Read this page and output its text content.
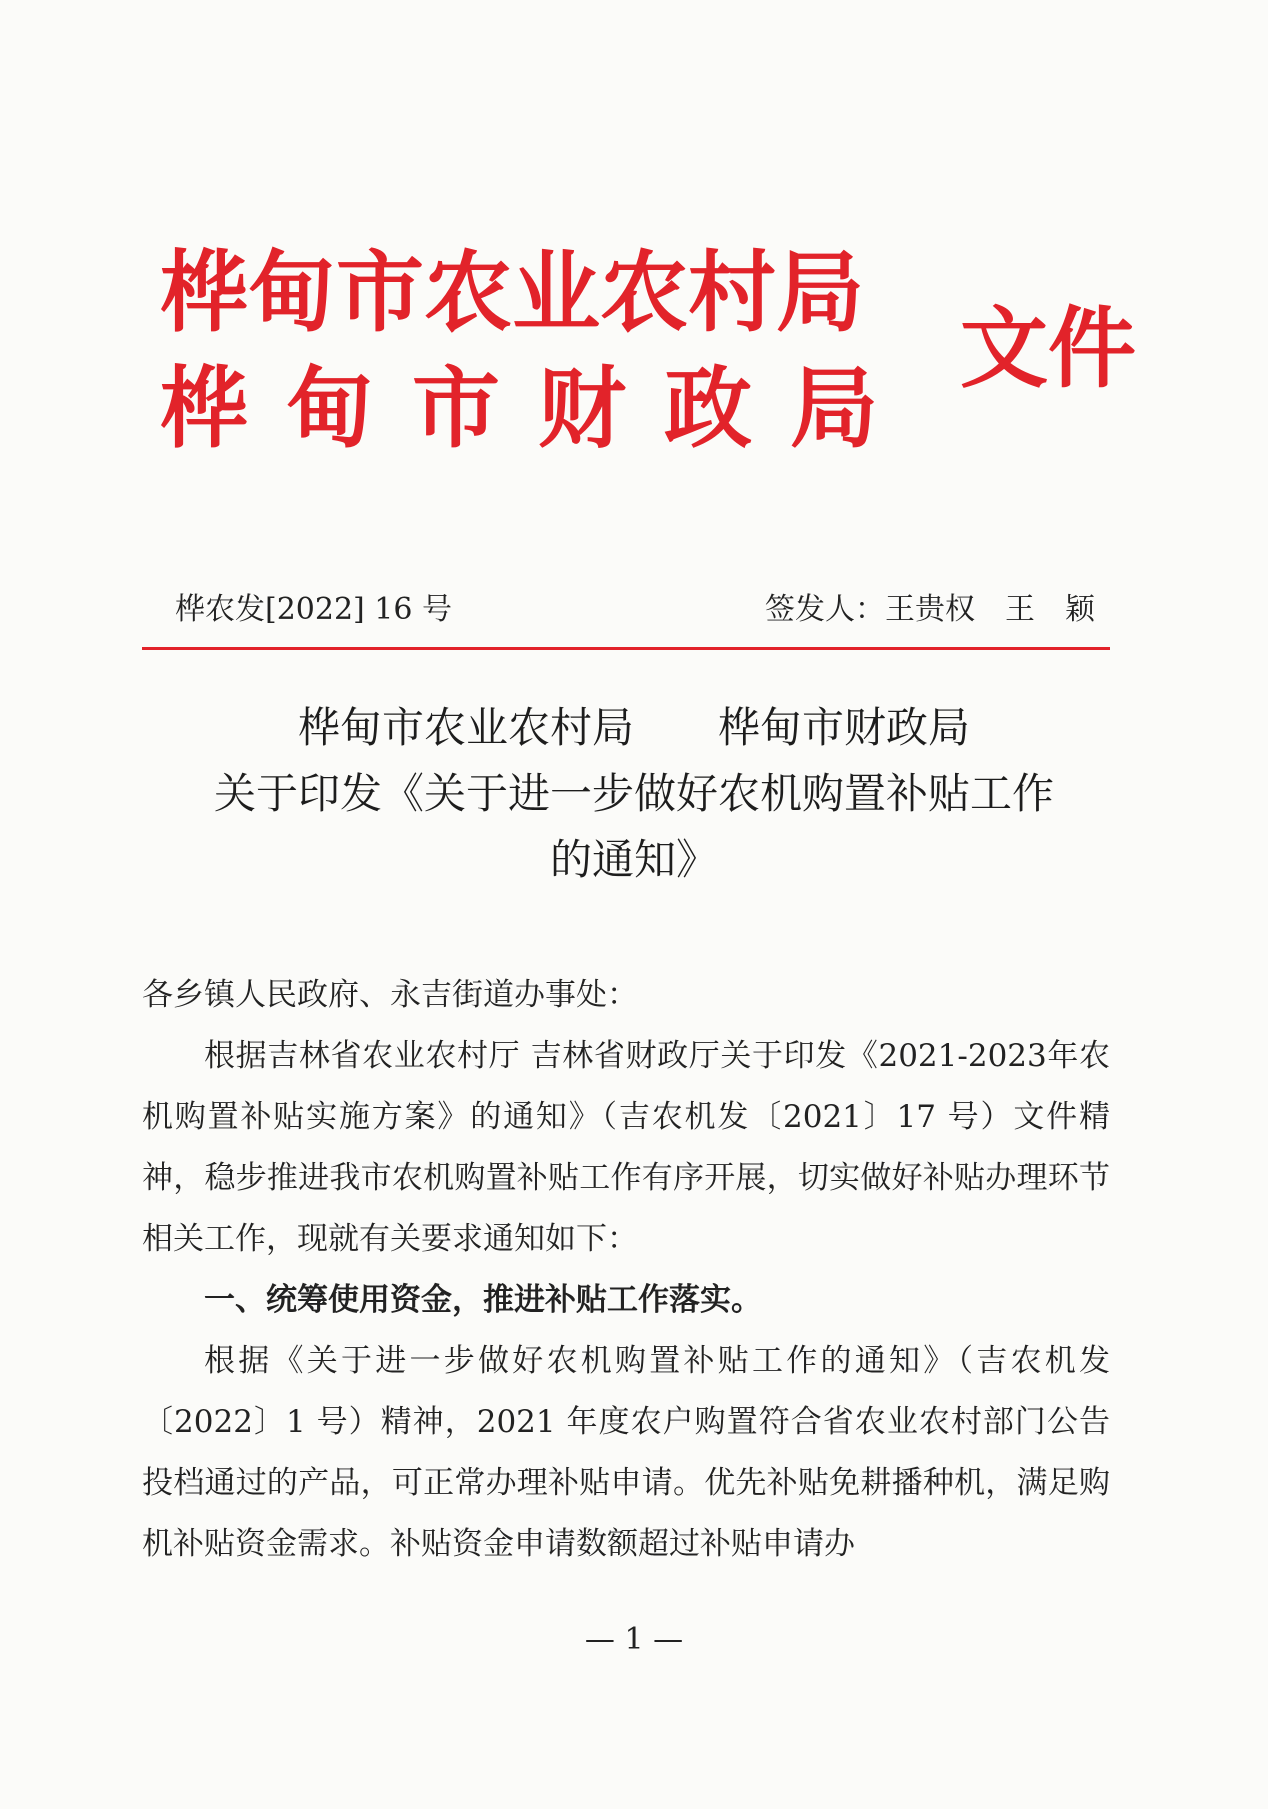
桦甸市农业农村局
桦甸市财政局
文件
桦农发[2022] 16 号	签发人：王贵权　王　颖
桦甸市农业农村局　　桦甸市财政局
关于印发《关于进一步做好农机购置补贴工作
的通知》

各乡镇人民政府、永吉街道办事处：

根据吉林省农业农村厅 吉林省财政厅关于印发《2021-2023年农机购置补贴实施方案》的通知》（吉农机发〔2021〕17 号）文件精神，稳步推进我市农机购置补贴工作有序开展，切实做好补贴办理环节相关工作，现就有关要求通知如下：

一、统筹使用资金，推进补贴工作落实。

根据《关于进一步做好农机购置补贴工作的通知》（吉农机发〔2022〕1 号）精神，2021 年度农户购置符合省农业农村部门公告投档通过的产品，可正常办理补贴申请。优先补贴免耕播种机，满足购机补贴资金需求。补贴资金申请数额超过补贴申请办

— 1 —
